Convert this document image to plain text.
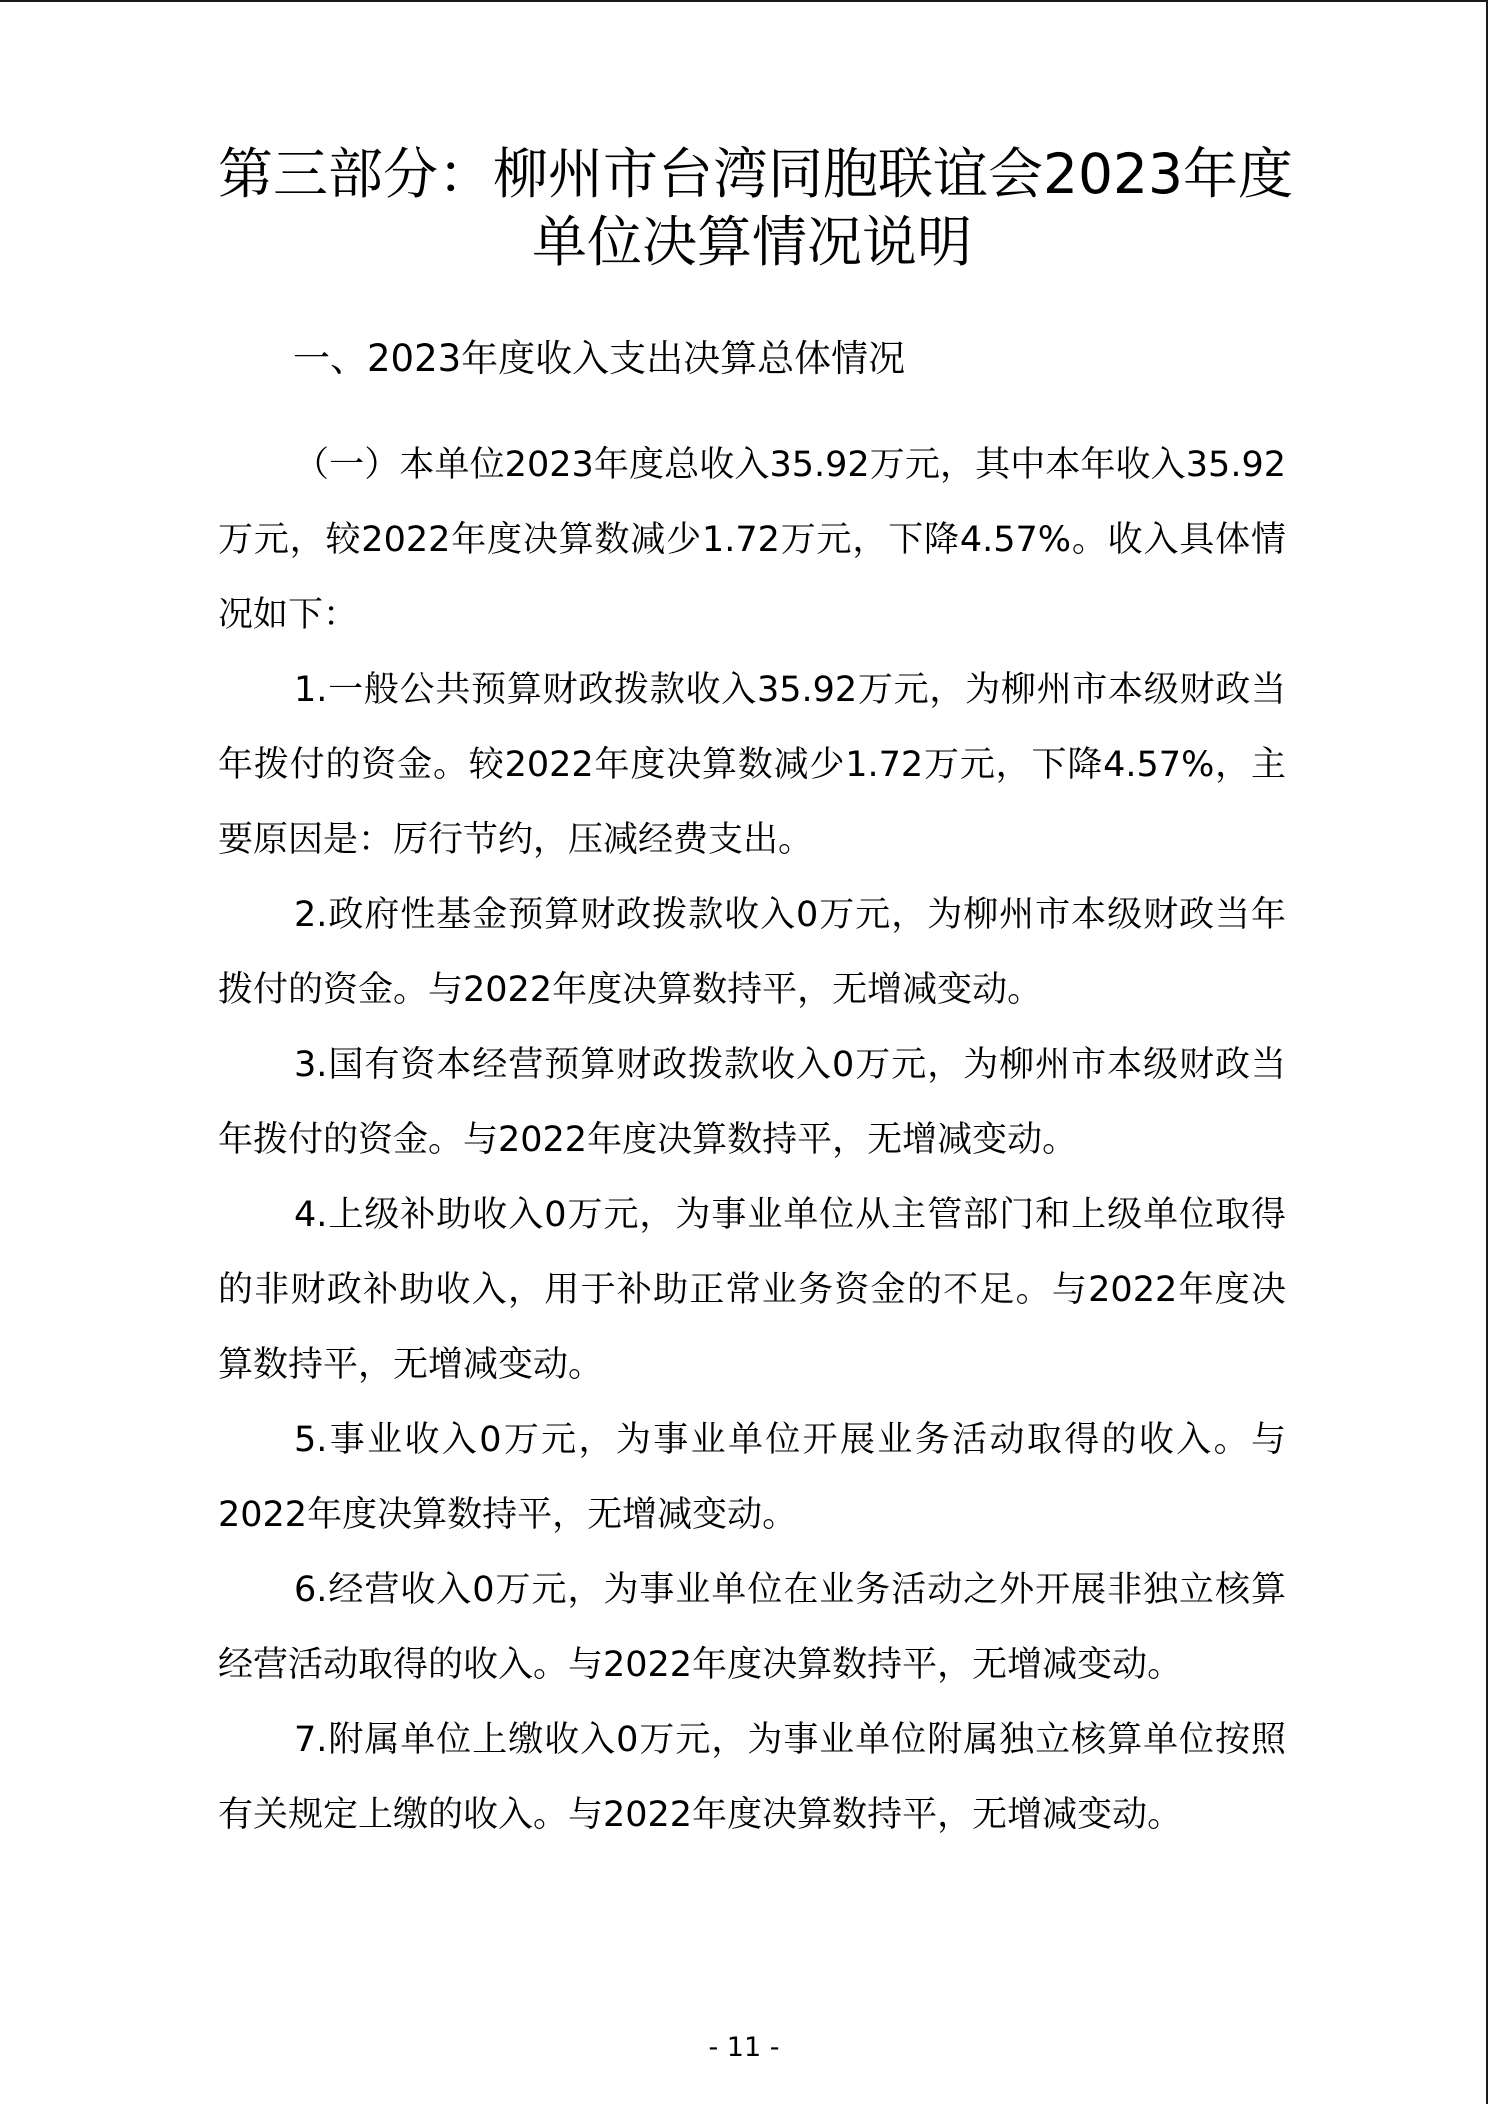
第三部分：柳州市台湾同胞联谊会2023年度
单位决算情况说明
一、2023年度收入支出决算总体情况

（一）本单位2023年度总收入35.92万元，其中本年收入35.92万元，较2022年度决算数减少1.72万元，下降4.57%。收入具体情况如下：

1.一般公共预算财政拨款收入35.92万元，为柳州市本级财政当年拨付的资金。较2022年度决算数减少1.72万元，下降4.57%，主要原因是：厉行节约，压减经费支出。

2.政府性基金预算财政拨款收入0万元，为柳州市本级财政当年拨付的资金。与2022年度决算数持平，无增减变动。

3.国有资本经营预算财政拨款收入0万元，为柳州市本级财政当年拨付的资金。与2022年度决算数持平，无增减变动。

4.上级补助收入0万元，为事业单位从主管部门和上级单位取得的非财政补助收入，用于补助正常业务资金的不足。与2022年度决算数持平，无增减变动。

5.事业收入0万元，为事业单位开展业务活动取得的收入。与2022年度决算数持平，无增减变动。

6.经营收入0万元，为事业单位在业务活动之外开展非独立核算经营活动取得的收入。与2022年度决算数持平，无增减变动。

7.附属单位上缴收入0万元，为事业单位附属独立核算单位按照有关规定上缴的收入。与2022年度决算数持平，无增减变动。

- 11 -
